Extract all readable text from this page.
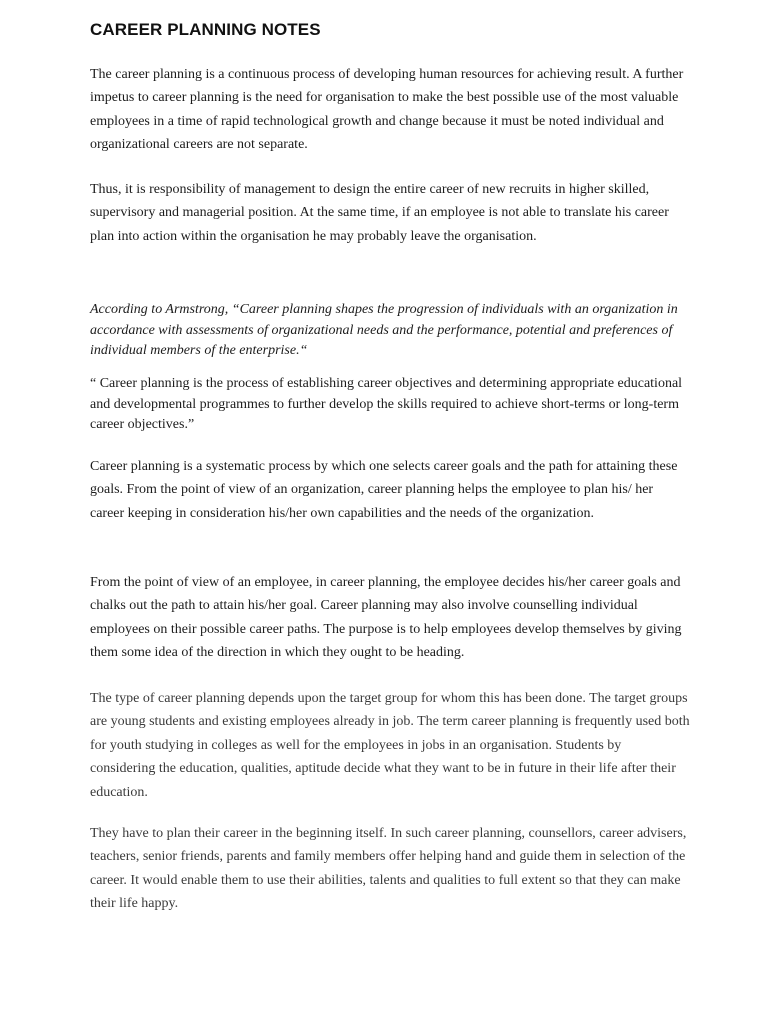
CAREER PLANNING NOTES

The career planning is a continuous process of developing human resources for achieving result. A further impetus to career planning is the need for organisation to make the best possible use of the most valuable employees in a time of rapid technological growth and change because it must be noted individual and organizational careers are not separate.

Thus, it is responsibility of management to design the entire career of new recruits in higher skilled, supervisory and managerial position. At the same time, if an employee is not able to translate his career plan into action within the organisation he may probably leave the organisation.

According to Armstrong, “Career planning shapes the progression of individuals with an organization in accordance with assessments of organizational needs and the performance, potential and preferences of individual members of the enterprise.“

“ Career planning is the process of establishing career objectives and determining appropriate educational and developmental programmes to further develop the skills required to achieve short-terms or long-term career objectives.”

Career planning is a systematic process by which one selects career goals and the path for attaining these goals. From the point of view of an organization, career planning helps the employee to plan his/ her career keeping in consideration his/her own capabilities and the needs of the organization.

From the point of view of an employee, in career planning, the employee decides his/her career goals and chalks out the path to attain his/her goal. Career planning may also involve counselling individual employees on their possible career paths. The purpose is to help employees develop themselves by giving them some idea of the direction in which they ought to be heading.

The type of career planning depends upon the target group for whom this has been done. The target groups are young students and existing employees already in job. The term career planning is frequently used both for youth studying in colleges as well for the employees in jobs in an organisation. Students by considering the education, qualities, aptitude decide what they want to be in future in their life after their education.

They have to plan their career in the beginning itself. In such career planning, counsellors, career advisers, teachers, senior friends, parents and family members offer helping hand and guide them in selection of the career. It would enable them to use their abilities, talents and qualities to full extent so that they can make their life happy.
